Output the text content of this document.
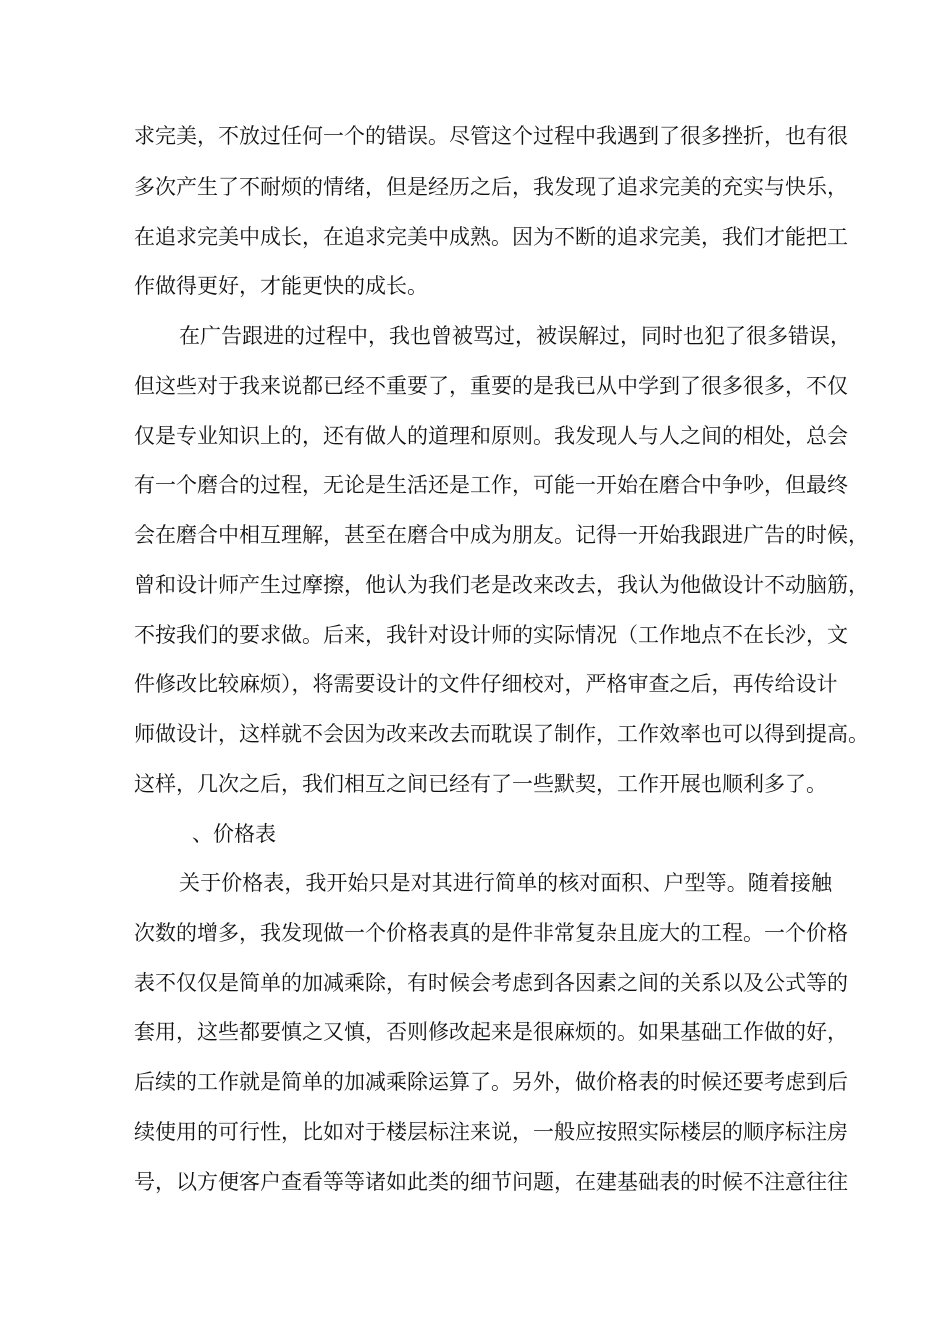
求完美，不放过任何一个的错误。尽管这个过程中我遇到了很多挫折，也有很
多次产生了不耐烦的情绪，但是经历之后，我发现了追求完美的充实与快乐，
在追求完美中成长，在追求完美中成熟。因为不断的追求完美，我们才能把工
作做得更好，才能更快的成长。
在广告跟进的过程中，我也曾被骂过，被误解过，同时也犯了很多错误，
但这些对于我来说都已经不重要了，重要的是我已从中学到了很多很多，不仅
仅是专业知识上的，还有做人的道理和原则。我发现人与人之间的相处，总会
有一个磨合的过程，无论是生活还是工作，可能一开始在磨合中争吵，但最终
会在磨合中相互理解，甚至在磨合中成为朋友。记得一开始我跟进广告的时候，
曾和设计师产生过摩擦，他认为我们老是改来改去，我认为他做设计不动脑筋，
不按我们的要求做。后来，我针对设计师的实际情况（工作地点不在长沙，文
件修改比较麻烦），将需要设计的文件仔细校对，严格审查之后，再传给设计
师做设计，这样就不会因为改来改去而耽误了制作，工作效率也可以得到提高。
这样，几次之后，我们相互之间已经有了一些默契，工作开展也顺利多了。
、价格表
关于价格表，我开始只是对其进行简单的核对面积、户型等。随着接触
次数的增多，我发现做一个价格表真的是件非常复杂且庞大的工程。一个价格
表不仅仅是简单的加减乘除，有时候会考虑到各因素之间的关系以及公式等的
套用，这些都要慎之又慎，否则修改起来是很麻烦的。如果基础工作做的好，
后续的工作就是简单的加减乘除运算了。另外，做价格表的时候还要考虑到后
续使用的可行性，比如对于楼层标注来说，一般应按照实际楼层的顺序标注房
号，以方便客户查看等等诸如此类的细节问题，在建基础表的时候不注意往往
